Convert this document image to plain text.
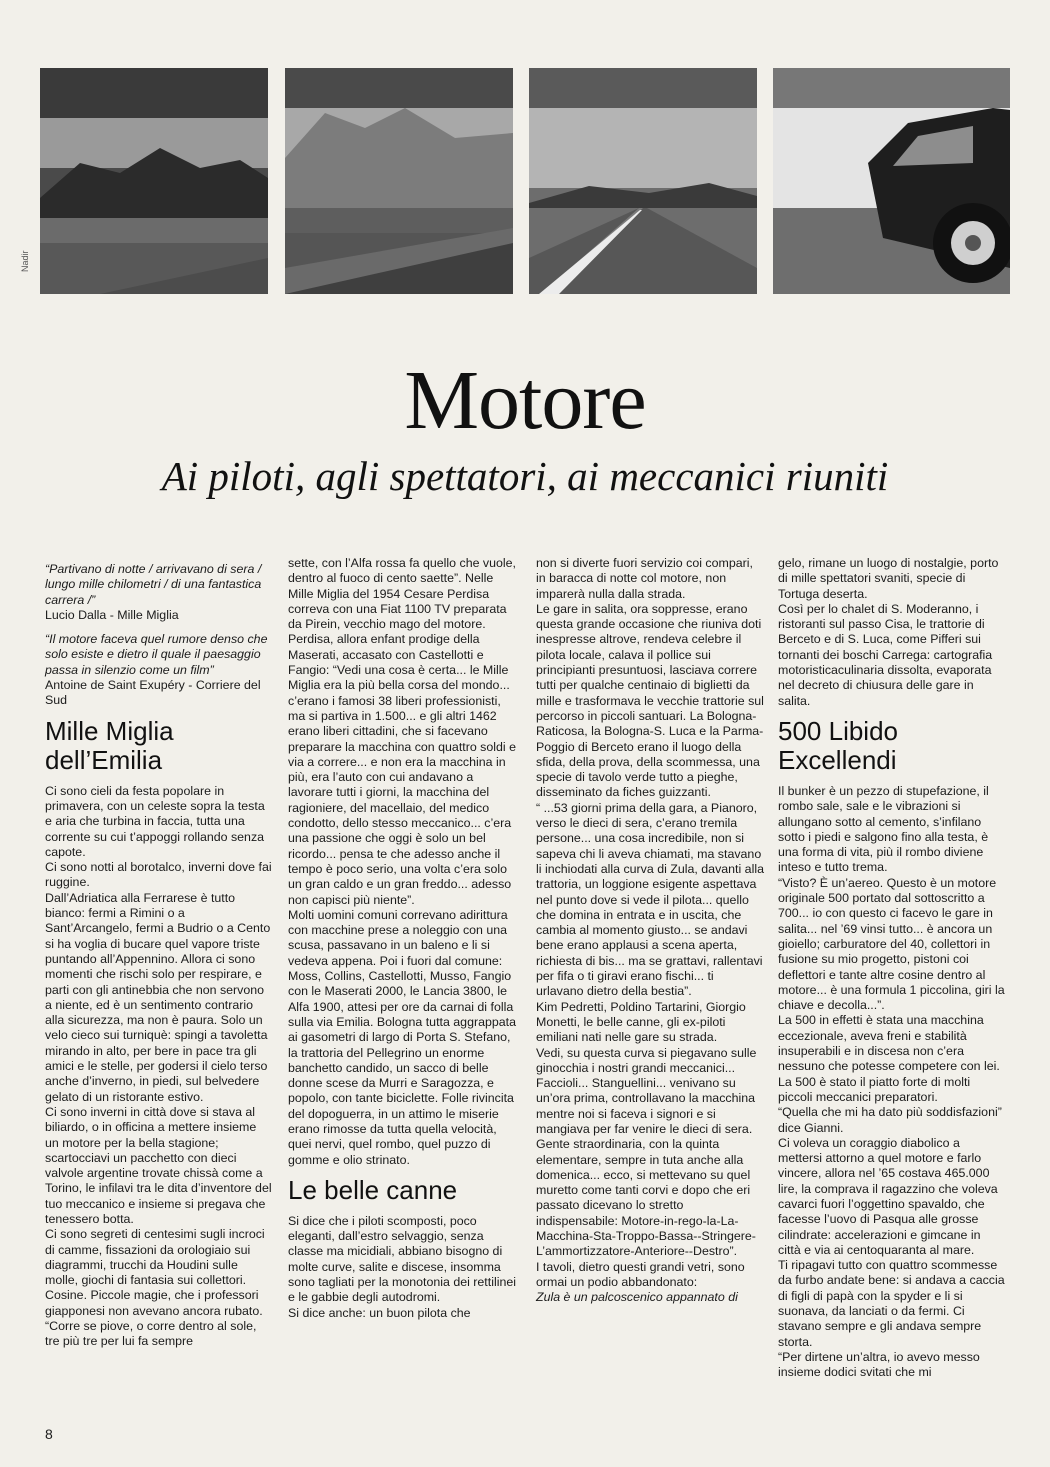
Nadir
Motore
Ai piloti, agli spettatori, ai meccanici riuniti

“Partivano di notte / arrivavano di sera / lungo mille chilometri / di una fantastica carrera /”

Lucio Dalla - Mille Miglia

“Il motore faceva quel rumore denso che solo esiste e dietro il quale il paesaggio passa in silenzio come un film”

Antoine de Saint Exupéry - Corriere del Sud

Mille Miglia dell’Emilia

Ci sono cieli da festa popolare in primavera, con un celeste sopra la testa e aria che turbina in faccia, tutta una corrente su cui t’appoggi rollando senza capote.

Ci sono notti al borotalco, inverni dove fai ruggine.

Dall’Adriatica alla Ferrarese è tutto bianco: fermi a Rimini o a Sant’Arcangelo, fermi a Budrio o a Cento si ha voglia di bucare quel vapore triste puntando all’Appennino. Allora ci sono momenti che rischi solo per respirare, e parti con gli antinebbia che non servono a niente, ed è un sentimento contrario alla sicurezza, ma non è paura. Solo un velo cieco sui turniquè: spingi a tavoletta mirando in alto, per bere in pace tra gli amici e le stelle, per godersi il cielo terso anche d’inverno, in piedi, sul belvedere gelato di un ristorante estivo.

Ci sono inverni in città dove si stava al biliardo, o in officina a mettere insieme un motore per la bella stagione; scartocciavi un pacchetto con dieci valvole argentine trovate chissà come a Torino, le infilavi tra le dita d’inventore del tuo meccanico e insieme si pregava che tenessero botta.

Ci sono segreti di centesimi sugli incroci di camme, fissazioni da orologiaio sui diagrammi, trucchi da Houdini sulle molle, giochi di fantasia sui collettori. Cosine. Piccole magie, che i professori giapponesi non avevano ancora rubato.

“Corre se piove, o corre dentro al sole, tre più tre per lui fa sempre

sette, con l’Alfa rossa fa quello che vuole, dentro al fuoco di cento saette”. Nelle Mille Miglia del 1954 Cesare Perdisa correva con una Fiat 1100 TV preparata da Pirein, vecchio mago del motore.

Perdisa, allora enfant prodige della Maserati, accasato con Castellotti e Fangio: “Vedi una cosa è certa... le Mille Miglia era la più bella corsa del mondo... c’erano i famosi 38 liberi professionisti, ma si partiva in 1.500... e gli altri 1462 erano liberi cittadini, che si facevano preparare la macchina con quattro soldi e via a correre... e non era la macchina in più, era l’auto con cui andavano a lavorare tutti i giorni, la macchina del ragioniere, del macellaio, del medico condotto, dello stesso meccanico... c’era una passione che oggi è solo un bel ricordo... pensa te che adesso anche il tempo è poco serio, una volta c’era solo un gran caldo e un gran freddo... adesso non capisci più niente”.

Molti uomini comuni correvano adirittura con macchine prese a noleggio con una scusa, passavano in un baleno e li si vedeva appena. Poi i fuori dal comune: Moss, Collins, Castellotti, Musso, Fangio con le Maserati 2000, le Lancia 3800, le Alfa 1900, attesi per ore da carnai di folla sulla via Emilia. Bologna tutta aggrappata ai gasometri di largo di Porta S. Stefano, la trattoria del Pellegrino un enorme banchetto candido, un sacco di belle donne scese da Murri e Saragozza, e popolo, con tante biciclette. Folle rivincita del dopoguerra, in un attimo le miserie erano rimosse da tutta quella velocità, quei nervi, quel rombo, quel puzzo di gomme e olio strinato.

Le belle canne

Si dice che i piloti scomposti, poco eleganti, dall’estro selvaggio, senza classe ma micidiali, abbiano bisogno di molte curve, salite e discese, insomma sono tagliati per la monotonia dei rettilinei e le gabbie degli autodromi.

Si dice anche: un buon pilota che

non si diverte fuori servizio coi compari, in baracca di notte col motore, non imparerà nulla dalla strada.

Le gare in salita, ora soppresse, erano questa grande occasione che riuniva doti inespresse altrove, rendeva celebre il pilota locale, calava il pollice sui principianti presuntuosi, lasciava correre tutti per qualche centinaio di biglietti da mille e trasformava le vecchie trattorie sul percorso in piccoli santuari. La Bologna-Raticosa, la Bologna-S. Luca e la Parma-Poggio di Berceto erano il luogo della sfida, della prova, della scommessa, una specie di tavolo verde tutto a pieghe, disseminato da fiches guizzanti.

“ ...53 giorni prima della gara, a Pianoro, verso le dieci di sera, c’erano tremila persone... una cosa incredibile, non si sapeva chi li aveva chiamati, ma stavano li inchiodati alla curva di Zula, davanti alla trattoria, un loggione esigente aspettava nel punto dove si vede il pilota... quello che domina in entrata e in uscita, che cambia al momento giusto... se andavi bene erano applausi a scena aperta, richiesta di bis... ma se grattavi, rallentavi per fifa o ti giravi erano fischi... ti urlavano dietro della bestia”.

Kim Pedretti, Poldino Tartarini, Giorgio Monetti, le belle canne, gli ex-piloti emiliani nati nelle gare su strada.

Vedi, su questa curva si piegavano sulle ginocchia i nostri grandi meccanici... Faccioli... Stanguellini... venivano su un’ora prima, controllavano la macchina mentre noi si faceva i signori e si mangiava per far venire le dieci di sera. Gente straordinaria, con la quinta elementare, sempre in tuta anche alla domenica... ecco, si mettevano su quel muretto come tanti corvi e dopo che eri passato dicevano lo stretto indispensabile: Motore-in-rego-la-La-Macchina-Sta-Troppo-Bassa--Stringere-L’ammortizzatore-Anteriore--Destro”.

I tavoli, dietro questi grandi vetri, sono ormai un podio abbandonato:

Zula è un palcoscenico appannato di

gelo, rimane un luogo di nostalgie, porto di mille spettatori svaniti, specie di Tortuga deserta.

Così per lo chalet di S. Moderanno, i ristoranti sul passo Cisa, le trattorie di Berceto e di S. Luca, come Pifferi sui tornanti dei boschi Carrega: cartografia motoristicaculinaria dissolta, evaporata nel decreto di chiusura delle gare in salita.

500 Libido Excellendi

Il bunker è un pezzo di stupefazione, il rombo sale, sale e le vibrazioni si allungano sotto al cemento, s’infilano sotto i piedi e salgono fino alla testa, è una forma di vita, più il rombo diviene inteso e tutto trema.

“Visto? È un’aereo. Questo è un motore originale 500 portato dal sottoscritto a 700... io con questo ci facevo le gare in salita... nel ’69 vinsi tutto... è ancora un gioiello; carburatore del 40, collettori in fusione su mio progetto, pistoni coi deflettori e tante altre cosine dentro al motore... è una formula 1 piccolina, giri la chiave e decolla...”.

La 500 in effetti è stata una macchina eccezionale, aveva freni e stabilità insuperabili e in discesa non c’era nessuno che potesse competere con lei.

La 500 è stato il piatto forte di molti piccoli meccanici preparatori.

“Quella che mi ha dato più soddisfazioni” dice Gianni.

Ci voleva un coraggio diabolico a mettersi attorno a quel motore e farlo vincere, allora nel ’65 costava 465.000 lire, la comprava il ragazzino che voleva cavarci fuori l’oggettino spavaldo, che facesse l’uovo di Pasqua alle grosse cilindrate: accelerazioni e gimcane in città e via ai centoquaranta al mare.

Ti ripagavi tutto con quattro scommesse da furbo andate bene: si andava a caccia di figli di papà con la spyder e li si suonava, da lanciati o da fermi. Ci stavano sempre e gli andava sempre storta.

“Per dirtene un’altra, io avevo messo insieme dodici svitati che mi

8
